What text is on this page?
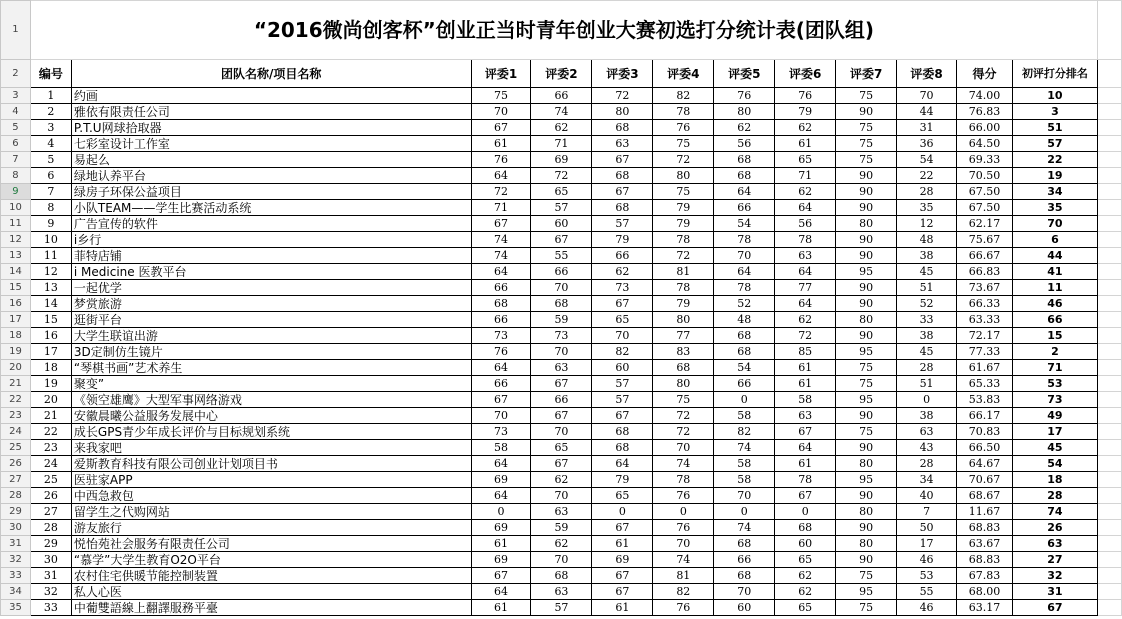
1	“2016微尚创客杯”创业正当时青年创业大赛初选打分统计表(团队组)												
2	编号	团队名称/项目名称	评委1	评委2	评委3	评委4	评委5	评委6	评委7	评委8	得分	初评打分排名	
3	1	约画	75	66	72	82	76	76	75	70	74.00	10	
4	2	雅依有限责任公司	70	74	80	78	80	79	90	44	76.83	3	
5	3	P.T.U网球拾取器	67	62	68	76	62	62	75	31	66.00	51	
6	4	七彩室设计工作室	61	71	63	75	56	61	75	36	64.50	57	
7	5	易起么	76	69	67	72	68	65	75	54	69.33	22	
8	6	绿地认养平台	64	72	68	80	68	71	90	22	70.50	19	
9	7	绿房子环保公益项目	72	65	67	75	64	62	90	28	67.50	34	
10	8	小队TEAM——学生比赛活动系统	71	57	68	79	66	64	90	35	67.50	35	
11	9	广告宣传的软件	67	60	57	79	54	56	80	12	62.17	70	
12	10	i乡行	74	67	79	78	78	78	90	48	75.67	6	
13	11	菲特店铺	74	55	66	72	70	63	90	38	66.67	44	
14	12	i Medicine 医教平台	64	66	62	81	64	64	95	45	66.83	41	
15	13	一起优学	66	70	73	78	78	77	90	51	73.67	11	
16	14	梦赏旅游	68	68	67	79	52	64	90	52	66.33	46	
17	15	逛街平台	66	59	65	80	48	62	80	33	63.33	66	
18	16	大学生联谊出游	73	73	70	77	68	72	90	38	72.17	15	
19	17	3D定制仿生镜片	76	70	82	83	68	85	95	45	77.33	2	
20	18	“琴棋书画”艺术养生	64	63	60	68	54	61	75	28	61.67	71	
21	19	聚变”	66	67	57	80	66	61	75	51	65.33	53	
22	20	《领空雄鹰》大型军事网络游戏	67	66	57	75	0	58	95	0	53.83	73	
23	21	安徽晨曦公益服务发展中心	70	67	67	72	58	63	90	38	66.17	49	
24	22	成长GPS青少年成长评价与目标规划系统	73	70	68	72	82	67	75	63	70.83	17	
25	23	来我家吧	58	65	68	70	74	64	90	43	66.50	45	
26	24	爱斯教育科技有限公司创业计划项目书	64	67	64	74	58	61	80	28	64.67	54	
27	25	医驻家APP	69	62	79	78	58	78	95	34	70.67	18	
28	26	中西急救包	64	70	65	76	70	67	90	40	68.67	28	
29	27	留学生之代购网站	0	63	0	0	0	0	80	7	11.67	74	
30	28	游友旅行	69	59	67	76	74	68	90	50	68.83	26	
31	29	悦怡苑社会服务有限责任公司	61	62	61	70	68	60	80	17	63.67	63	
32	30	“慕学”大学生教育O2O平台	69	70	69	74	66	65	90	46	68.83	27	
33	31	农村住宅供暖节能控制装置	67	68	67	81	68	62	75	53	67.83	32	
34	32	私人心医	64	63	67	82	70	62	95	55	68.00	31	
35	33	中葡雙語線上翻譯服務平臺	61	57	61	76	60	65	75	46	63.17	67	
